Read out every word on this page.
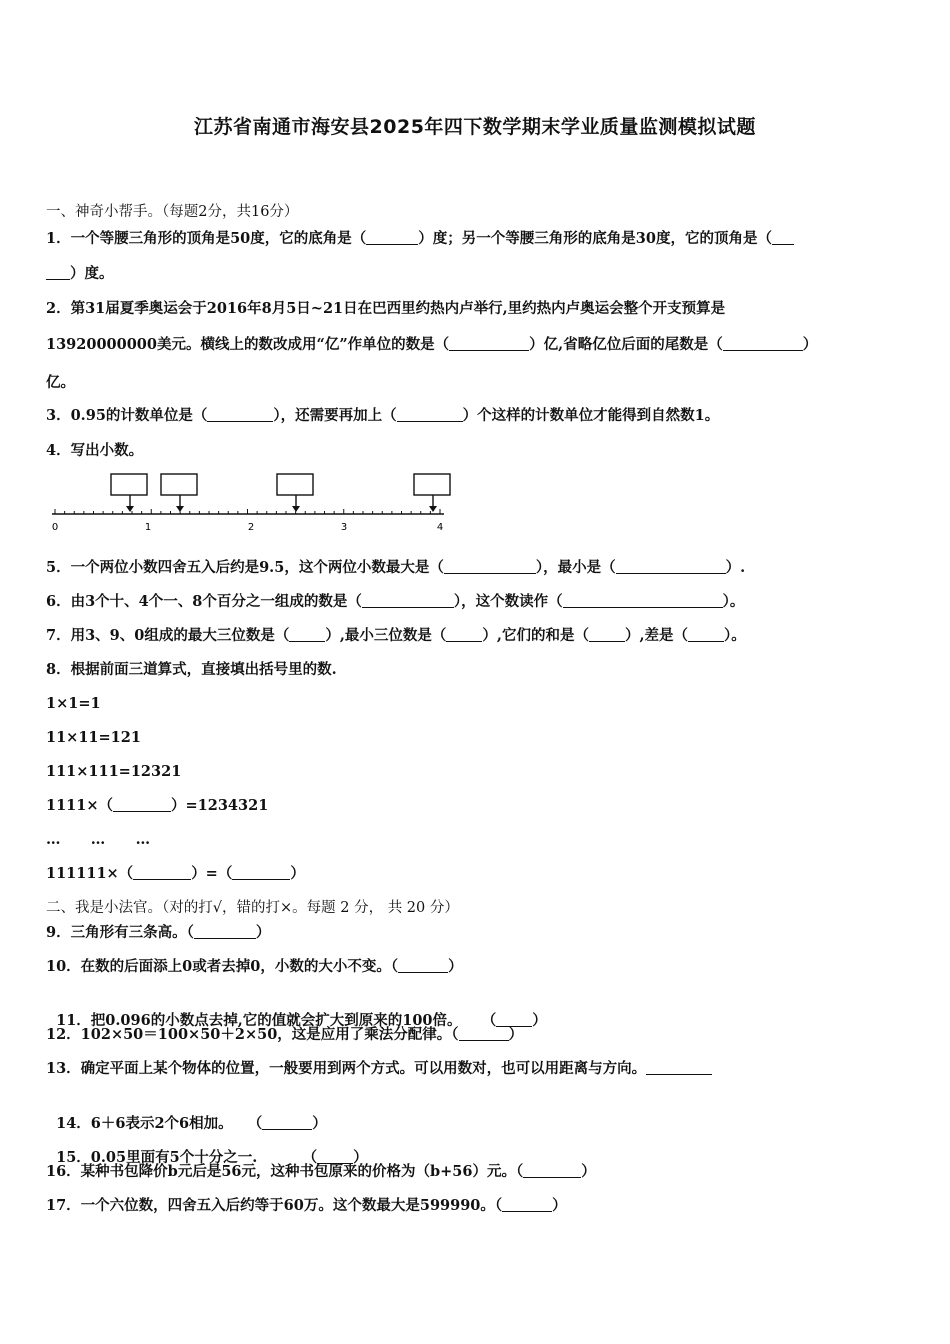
江苏省南通市海安县2025年四下数学期末学业质量监测模拟试题
一、神奇小帮手。（每题2分，共16分）
1．一个等腰三角形的顶角是50度，它的底角是（	）度；另一个等腰三角形的底角是30度，它的顶角是（
）度。
2．第31届夏季奥运会于2016年8月5日~21日在巴西里约热内卢举行,里约热内卢奥运会整个开支预算是
13920000000美元。横线上的数改成用“亿”作单位的数是（	）亿,省略亿位后面的尾数是（	）
亿。
3．0.95的计数单位是（	），还需要再加上（	）个这样的计数单位才能得到自然数1。
4．写出小数。
0	1	2	3	4
5．一个两位小数四舍五入后约是9.5，这个两位小数最大是（	），最小是（	）.
6．由3个十、4个一、8个百分之一组成的数是（	），这个数读作（	）。
7．用3、9、0组成的最大三位数是（ ）,最小三位数是（ ）,它们的和是（ ）,差是（ ）。
8．根据前面三道算式，直接填出括号里的数.
1×1=1
11×11=121
111×111=12321
1111×（	）=1234321
…      …      …
111111×（	）=（	）
二、我是小法官。（对的打√，错的打×。每题 2 分， 共 20 分）
9．三角形有三条高。（	）
10．在数的后面添上0或者去掉0，小数的大小不变。（	）

11．把0.096的小数点去掉,它的值就会扩大到原来的100倍。    （ ）

12．102×50＝100×50＋2×50，这是应用了乘法分配律。（	）
13．确定平面上某个物体的位置，一般要用到两个方式。可以用数对，也可以用距离与方向。

14．6＋6表示2个6相加。   （	）

15．0.05里面有5个十分之一.         （ ）

16．某种书包降价b元后是56元，这种书包原来的价格为（b+56）元。（	）
17．一个六位数，四舍五入后约等于60万。这个数最大是599990。（	）
